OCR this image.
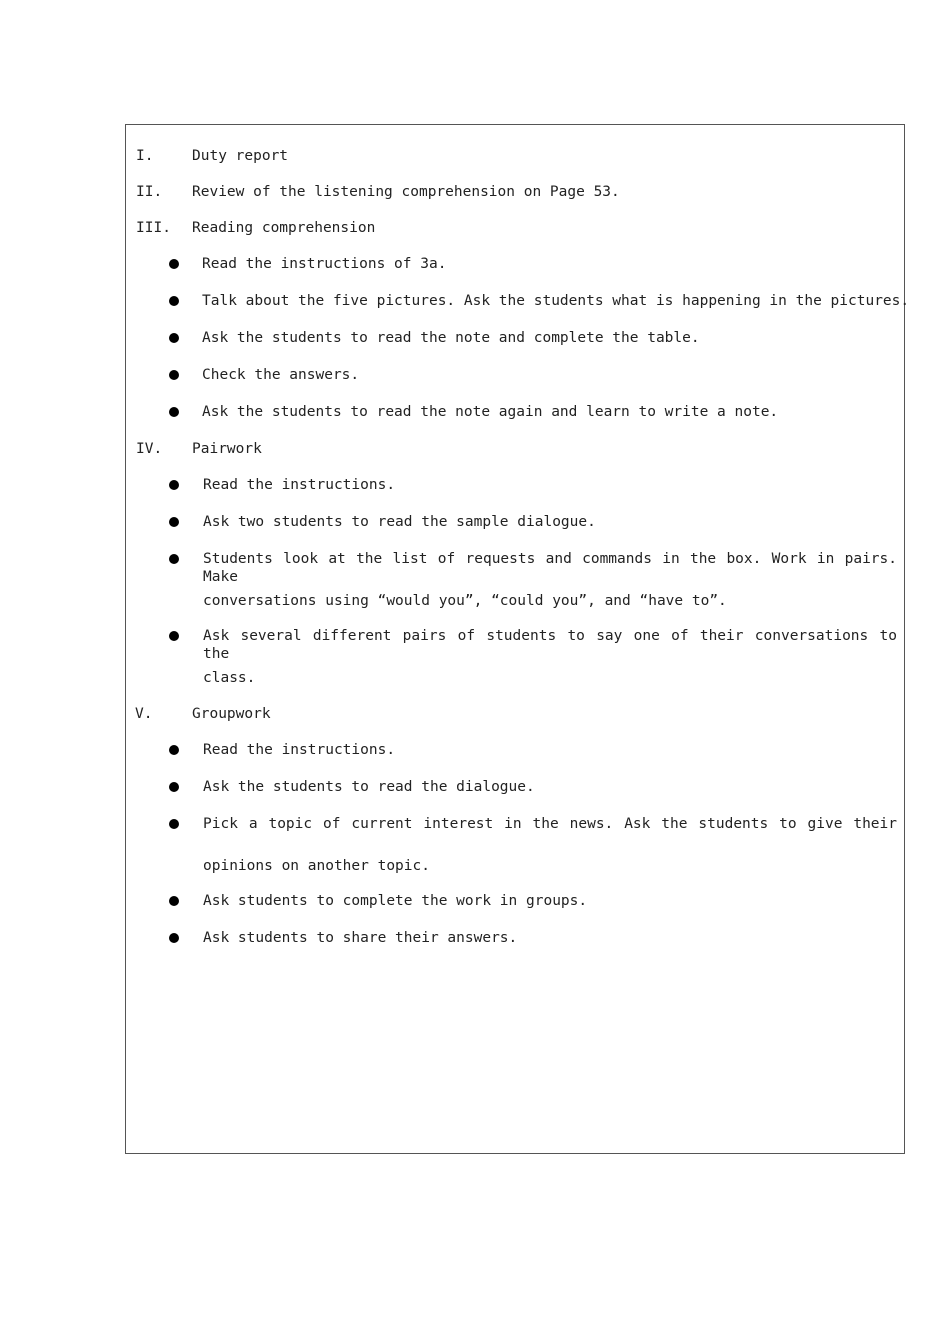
I.	Duty report
II. Review of the listening comprehension on Page 53.
III. Reading comprehension
Read the instructions of 3a.
Talk about the five pictures. Ask the students what is happening in the pictures.
Ask the students to read the note and complete the table.
Check the answers.
Ask the students to read the note again and learn to write a note.
IV. Pairwork
Read the instructions.
Ask two students to read the sample dialogue.
Students look at the list of requests and commands in the box. Work in pairs. Make
conversations using “would you”, “could you”, and “have to”.
Ask several different pairs of students to say one of their conversations to the
class.
V.	Groupwork
Read the instructions.
Ask the students to read the dialogue.
Pick a topic of current interest in the news. Ask the students to give their
opinions on another topic.
Ask students to complete the work in groups.
Ask students to share their answers.
